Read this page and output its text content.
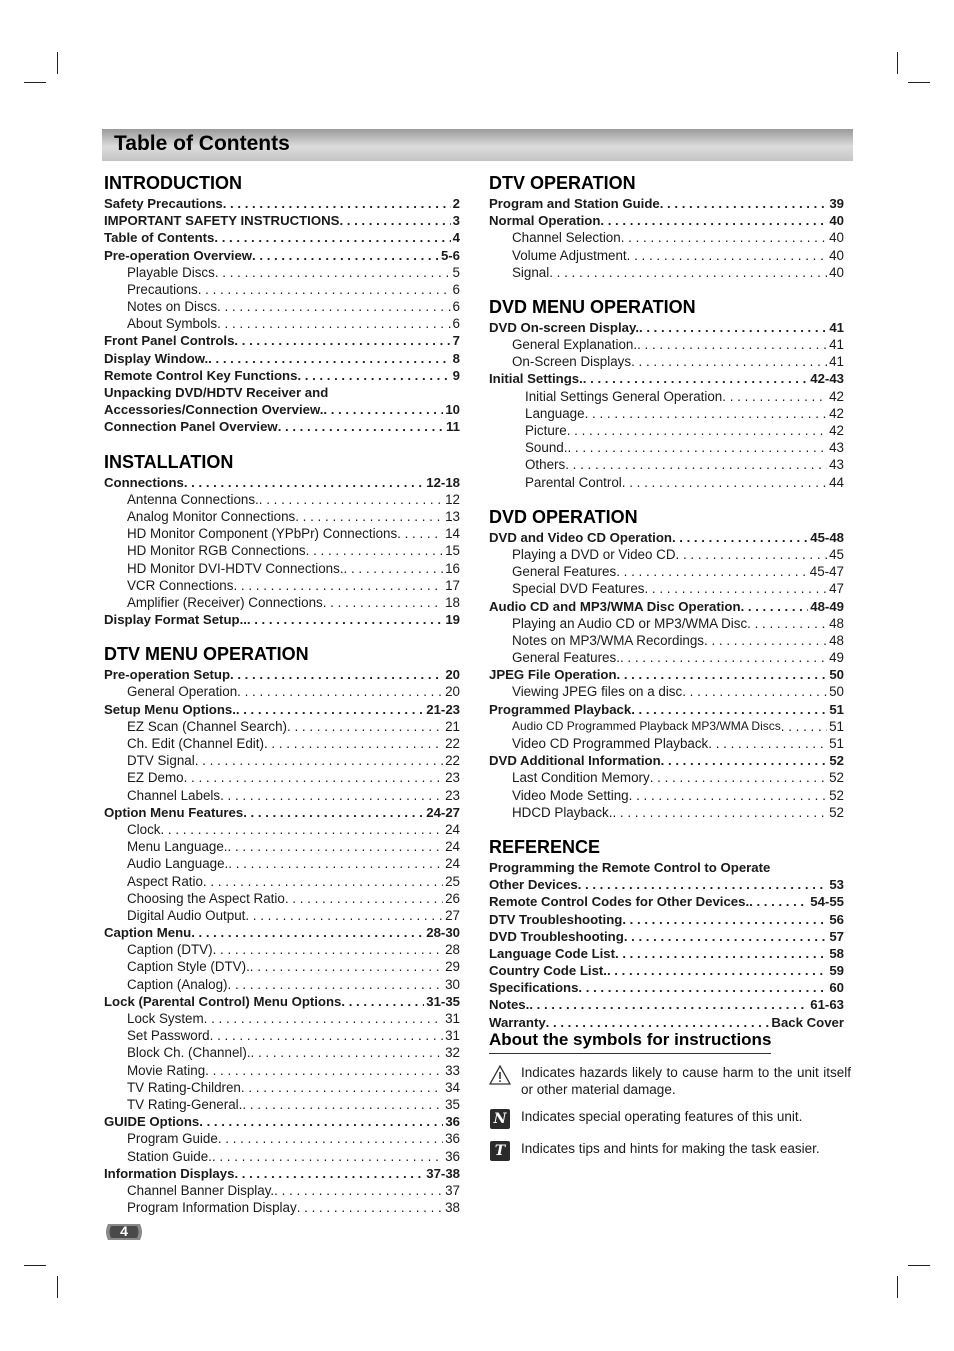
Table of Contents
INTRODUCTION
Safety Precautions . . .	2
IMPORTANT SAFETY INSTRUCTIONS . . .	3
Table of Contents . . .	4
Pre-operation Overview . . .	5-6
Playable Discs . . .	5
Precautions . . .	6
Notes on Discs . . .	6
About Symbols . . .	6
Front Panel Controls . . .	7
Display Window. . . .	8
Remote Control Key Functions . . .	9
Unpacking DVD/HDTV Receiver and
Accessories/Connection Overview. . . .	10
Connection Panel Overview . . .	11
INSTALLATION
Connections . . .	12-18
Antenna Connections. . . .	12
Analog Monitor Connections . . .	13
HD Monitor Component (YPbPr) Connections . . .	14
HD Monitor RGB Connections . . .	15
HD Monitor DVI-HDTV Connections. . . .	16
VCR Connections . . .	17
Amplifier (Receiver) Connections . . .	18
Display Format Setup.. . . .	19
DTV MENU OPERATION
Pre-operation Setup . . .	20
General Operation . . .	20
Setup Menu Options. . . .	21-23
EZ Scan (Channel Search) . . .	21
Ch. Edit (Channel Edit) . . .	22
DTV Signal . . .	22
EZ Demo . . .	23
Channel Labels . . .	23
Option Menu Features . . .	24-27
Clock . . .	24
Menu Language. . . .	24
Audio Language. . . .	24
Aspect Ratio . . .	25
Choosing the Aspect Ratio . . .	26
Digital Audio Output . . .	27
Caption Menu . . .	28-30
Caption (DTV) . . .	28
Caption Style (DTV). . . .	29
Caption (Analog) . . .	30
Lock (Parental Control) Menu Options . . .	31-35
Lock System . . .	31
Set Password . . .	31
Block Ch. (Channel). . . .	32
Movie Rating . . .	33
TV Rating-Children . . .	34
TV Rating-General. . . .	35
GUIDE Options . . .	36
Program Guide . . .	36
Station Guide. . . .	36
Information Displays . . .	37-38
Channel Banner Display. . . .	37
Program Information Display . . .	38
DTV OPERATION
Program and Station Guide . . .	39
Normal Operation . . .	40
Channel Selection . . .	40
Volume Adjustment . . .	40
Signal . . .	40
DVD MENU OPERATION
DVD On-screen Display. . . .	41
General Explanation. . . .	41
On-Screen Displays . . .	41
Initial Settings. . . .	42-43
Initial Settings General Operation . . .	42
Language . . .	42
Picture . . .	42
Sound. . . .	43
Others . . .	43
Parental Control . . .	44
DVD OPERATION
DVD and Video CD Operation . . .	45-48
Playing a DVD or Video CD . . .	45
General Features . . .	45-47
Special DVD Features . . .	47
Audio CD and MP3/WMA Disc Operation . . .	48-49
Playing an Audio CD or MP3/WMA Disc . . .	48
Notes on MP3/WMA Recordings . . .	48
General Features. . . .	49
JPEG File Operation . . .	50
Viewing JPEG files on a disc . . .	50
Programmed Playback . . .	51
Audio CD Programmed Playback MP3/WMA Discs . . .	51
Video CD Programmed Playback . . .	51
DVD Additional Information . . .	52
Last Condition Memory . . .	52
Video Mode Setting . . .	52
HDCD Playback. . . .	52
REFERENCE
Programming the Remote Control to Operate
Other Devices . . .	53
Remote Control Codes for Other Devices. . . .	54-55
DTV Troubleshooting . . .	56
DVD Troubleshooting . . .	57
Language Code List . . .	58
Country Code List. . . .	59
Specifications . . .	60
Notes. . . .	61-63
Warranty . . .	Back Cover
About the symbols for instructions
Indicates hazards likely to cause harm to the unit itself or other material damage.
N Indicates special operating features of this unit.
T	Indicates tips and hints for making the task easier.
4
